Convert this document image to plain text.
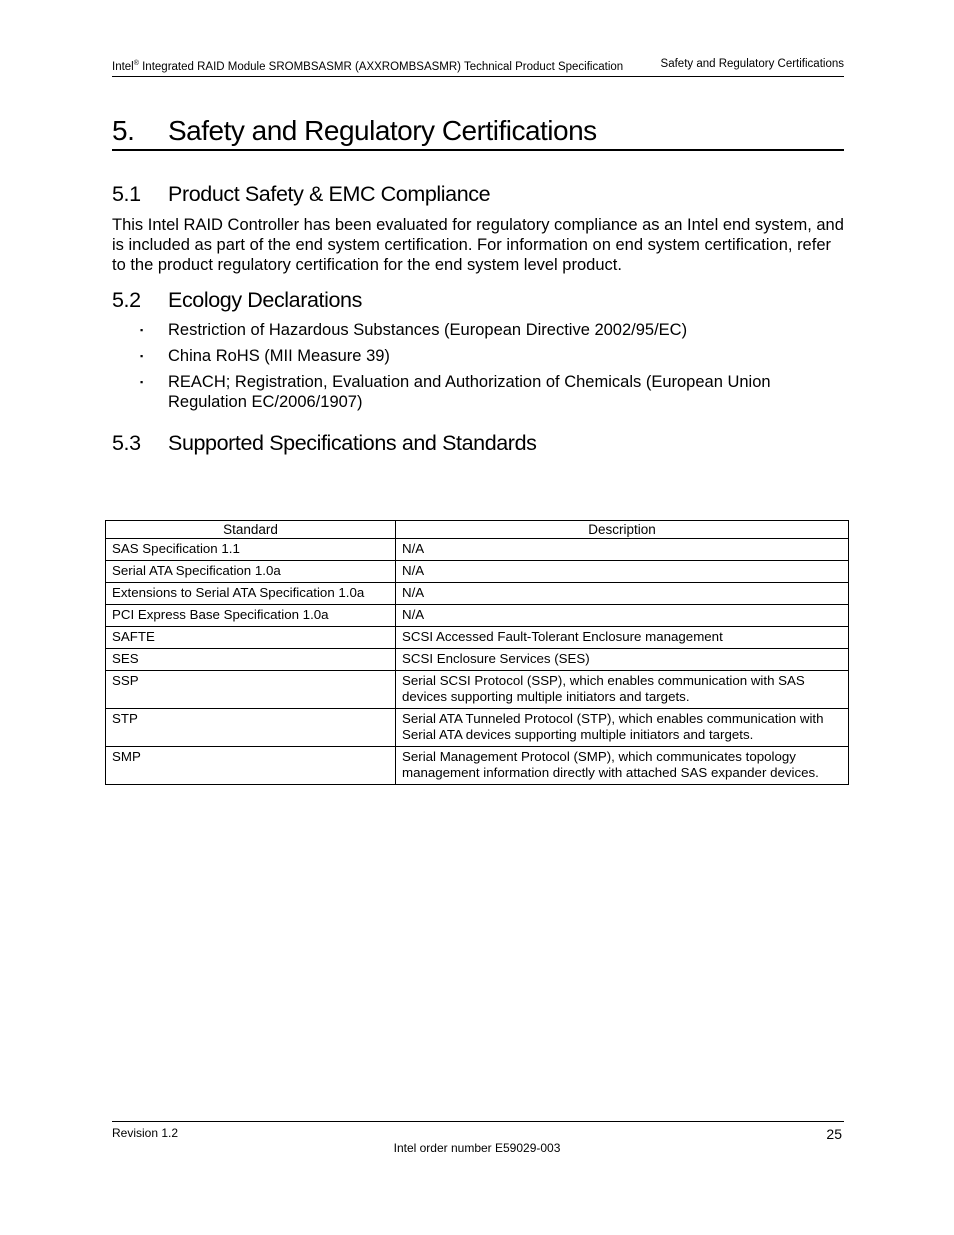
Intel® Integrated RAID Module SROMBSASMR (AXXROMBSASMR) Technical Product Specification	Safety and Regulatory Certifications
5. Safety and Regulatory Certifications
5.1 Product Safety & EMC Compliance
This Intel RAID Controller has been evaluated for regulatory compliance as an Intel end system, and is included as part of the end system certification. For information on end system certification, refer to the product regulatory certification for the end system level product.
5.2 Ecology Declarations
▪ Restriction of Hazardous Substances (European Directive 2002/95/EC)
▪ China RoHS (MII Measure 39)
▪ REACH; Registration, Evaluation and Authorization of Chemicals (European Union Regulation EC/2006/1907)
5.3 Supported Specifications and Standards
Standard	Description
SAS Specification 1.1	N/A
Serial ATA Specification 1.0a	N/A
Extensions to Serial ATA Specification 1.0a	N/A
PCI Express Base Specification 1.0a	N/A
SAFTE	SCSI Accessed Fault-Tolerant Enclosure management
SES	SCSI Enclosure Services (SES)
SSP	Serial SCSI Protocol (SSP), which enables communication with SAS devices supporting multiple initiators and targets.
STP	Serial ATA Tunneled Protocol (STP), which enables communication with Serial ATA devices supporting multiple initiators and targets.
SMP	Serial Management Protocol (SMP), which communicates topology management information directly with attached SAS expander devices.
Revision 1.2	25
Intel order number E59029-003
